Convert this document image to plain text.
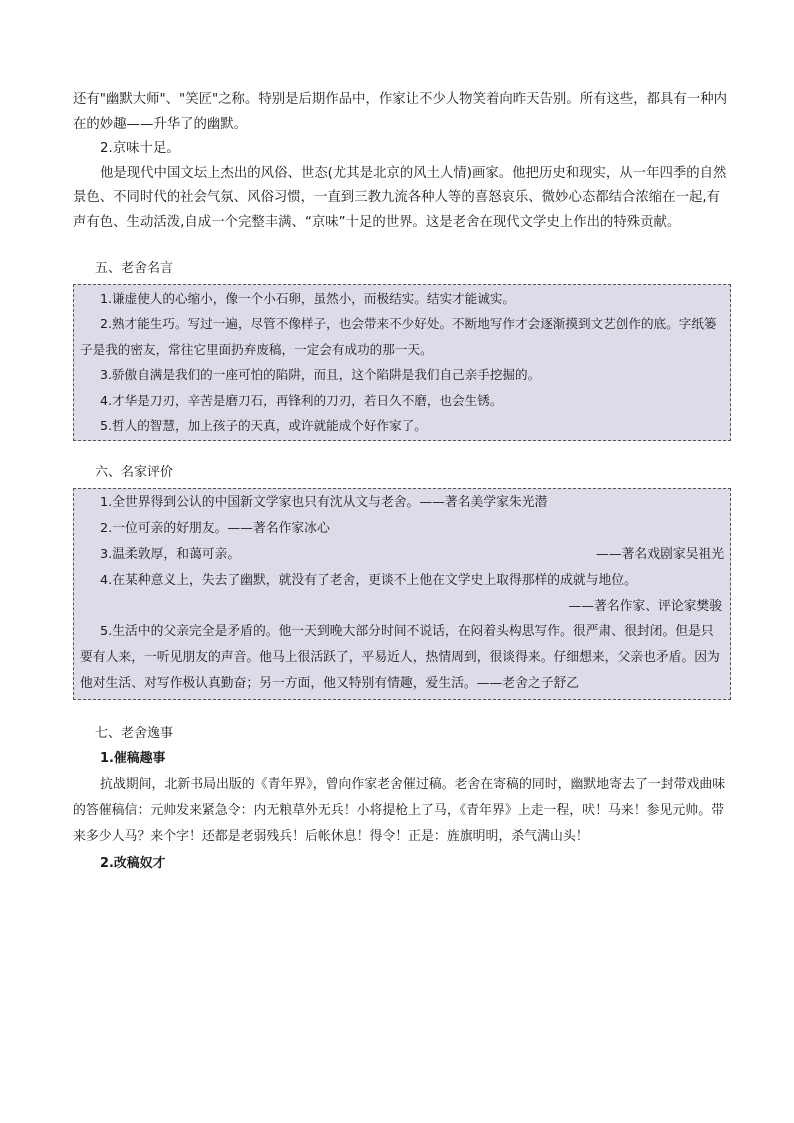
还有"幽默大师"、"笑匠"之称。特别是后期作品中，作家让不少人物笑着向昨天告别。所有这些，都具有一种内在的妙趣——升华了的幽默。

2.京味十足。

他是现代中国文坛上杰出的风俗、世态(尤其是北京的风土人情)画家。他把历史和现实，从一年四季的自然景色、不同时代的社会气氛、风俗习惯，一直到三教九流各种人等的喜怒哀乐、微妙心态都结合浓缩在一起,有声有色、生动活泼,自成一个完整丰满、“京味”十足的世界。这是老舍在现代文学史上作出的特殊贡献。

五、老舍名言

1.谦虚使人的心缩小，像一个小石卵，虽然小，而极结实。结实才能诚实。

2.熟才能生巧。写过一遍，尽管不像样子，也会带来不少好处。不断地写作才会逐渐摸到文艺创作的底。字纸篓子是我的密友，常往它里面扔弃废稿，一定会有成功的那一天。

3.骄傲自满是我们的一座可怕的陷阱，而且，这个陷阱是我们自己亲手挖掘的。

4.才华是刀刃，辛苦是磨刀石，再锋利的刀刃，若日久不磨，也会生锈。

5.哲人的智慧，加上孩子的天真，或许就能成个好作家了。

六、名家评价

1.全世界得到公认的中国新文学家也只有沈从文与老舍。——著名美学家朱光潜

2.一位可亲的好朋友。——著名作家冰心

3.温柔敦厚，和蔼可亲。	——著名戏剧家吴祖光

4.在某种意义上，失去了幽默，就没有了老舍，更谈不上他在文学史上取得那样的成就与地位。

——著名作家、评论家樊骏

5.生活中的父亲完全是矛盾的。他一天到晚大部分时间不说话，在闷着头构思写作。很严肃、很封闭。但是只要有人来，一听见朋友的声音。他马上很活跃了，平易近人，热情周到，很谈得来。仔细想来，父亲也矛盾。因为他对生活、对写作极认真勤奋；另一方面，他又特别有情趣，爱生活。——老舍之子舒乙

七、老舍逸事

1.催稿趣事

抗战期间，北新书局出版的《青年界》，曾向作家老舍催过稿。老舍在寄稿的同时，幽默地寄去了一封带戏曲味的答催稿信：元帅发来紧急令：内无粮草外无兵！小将提枪上了马，《青年界》上走一程，吠！马来！参见元帅。带来多少人马？来个字！还都是老弱残兵！后帐休息！得令！正是：旌旗明明，杀气满山头！

2.改稿奴才
